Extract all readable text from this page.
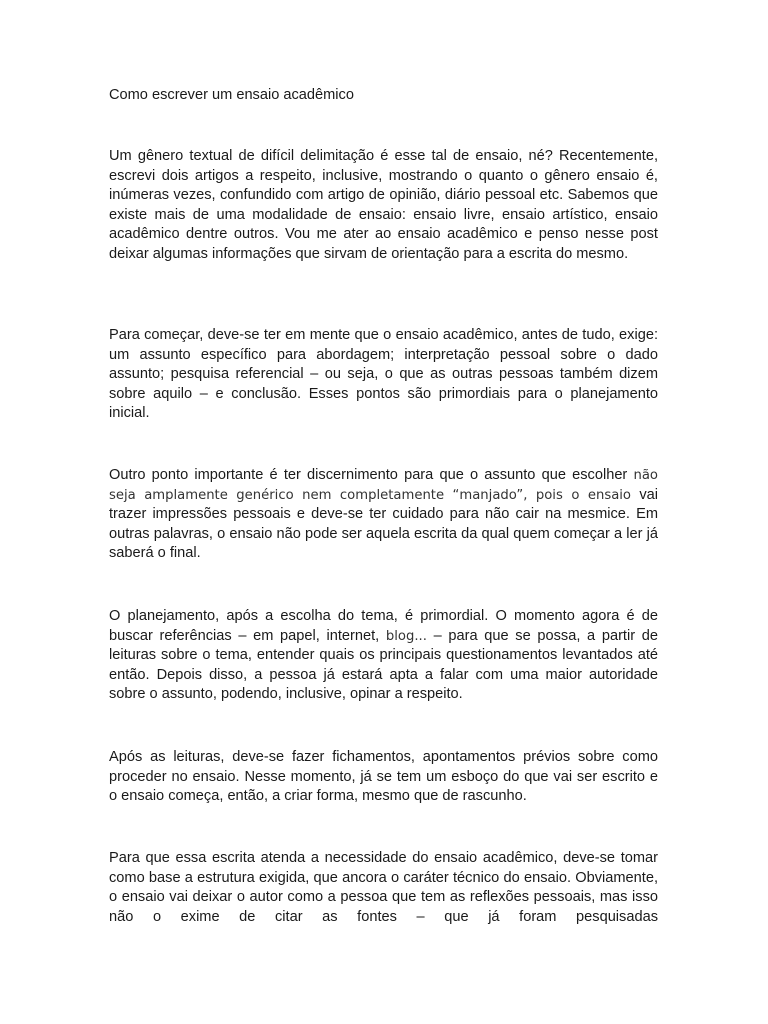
Como escrever um ensaio acadêmico

Um gênero textual de difícil delimitação é esse tal de ensaio, né? Recentemente, escrevi dois artigos a respeito, inclusive, mostrando o quanto o gênero ensaio é, inúmeras vezes, confundido com artigo de opinião, diário pessoal etc. Sabemos que existe mais de uma modalidade de ensaio: ensaio livre, ensaio artístico, ensaio acadêmico dentre outros. Vou me ater ao ensaio acadêmico e penso nesse post deixar algumas informações que sirvam de orientação para a escrita do mesmo.

Para começar, deve-se ter em mente que o ensaio acadêmico, antes de tudo, exige: um assunto específico para abordagem; interpretação pessoal sobre o dado assunto; pesquisa referencial – ou seja, o que as outras pessoas também dizem sobre aquilo – e conclusão. Esses pontos são primordiais para o planejamento inicial.

Outro ponto importante é ter discernimento para que o assunto que escolher não seja amplamente genérico nem completamente “manjado”, pois o ensaio vai trazer impressões pessoais e deve-se ter cuidado para não cair na mesmice. Em outras palavras, o ensaio não pode ser aquela escrita da qual quem começar a ler já saberá o final.

O planejamento, após a escolha do tema, é primordial. O momento agora é de buscar referências – em papel, internet, blog... – para que se possa, a partir de leituras sobre o tema, entender quais os principais questionamentos levantados até então. Depois disso, a pessoa já estará apta a falar com uma maior autoridade sobre o assunto, podendo, inclusive, opinar a respeito.

Após as leituras, deve-se fazer fichamentos, apontamentos prévios sobre como proceder no ensaio. Nesse momento, já se tem um esboço do que vai ser escrito e o ensaio começa, então, a criar forma, mesmo que de rascunho.

Para que essa escrita atenda a necessidade do ensaio acadêmico, deve-se tomar como base a estrutura exigida, que ancora o caráter técnico do ensaio. Obviamente, o ensaio vai deixar o autor como a pessoa que tem as reflexões pessoais, mas isso não o exime de citar as fontes – que já foram pesquisadas
